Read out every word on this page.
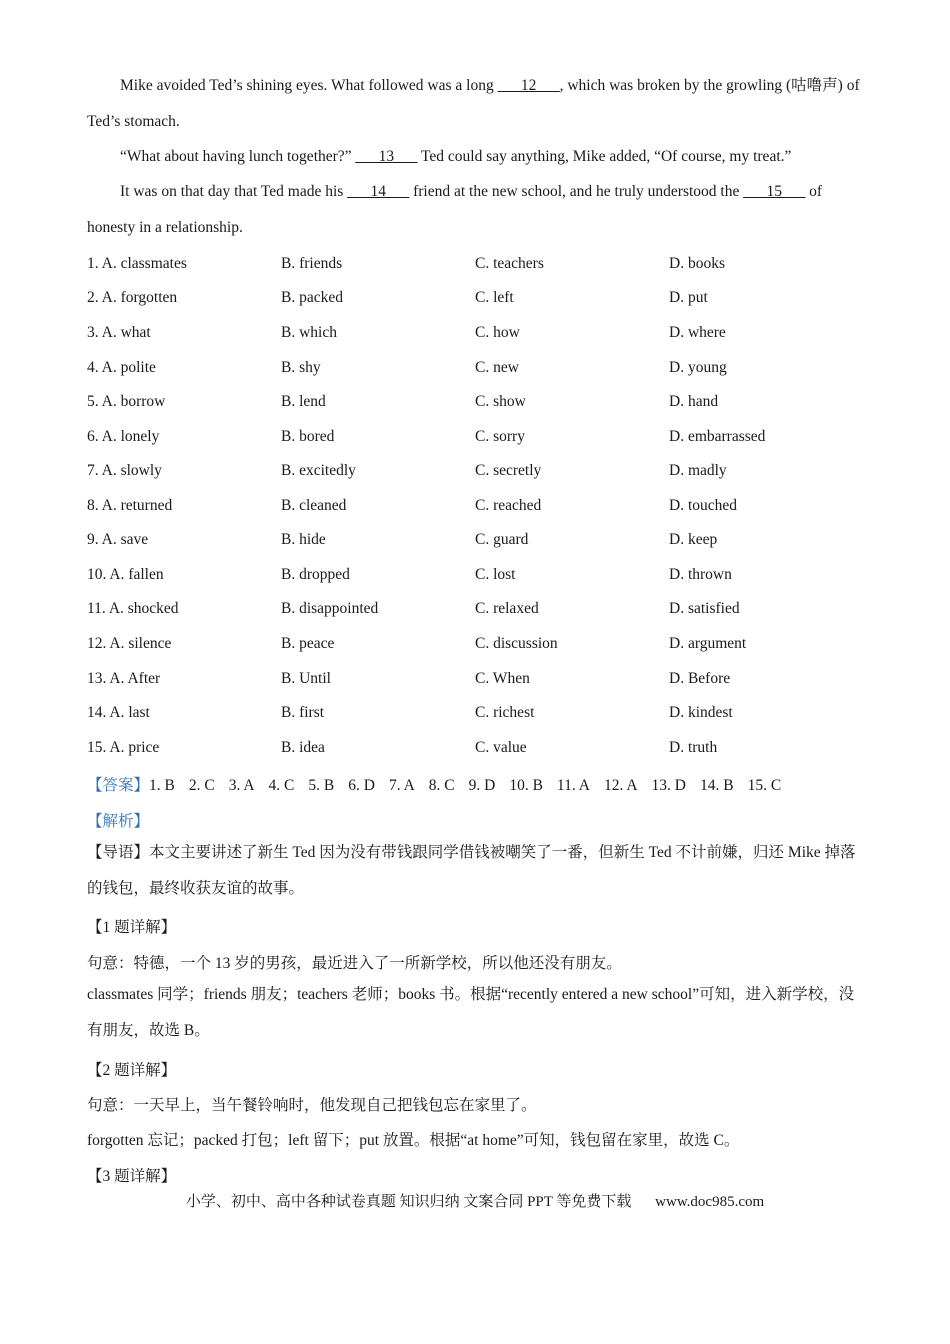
Mike avoided Ted’s shining eyes. What followed was a long ___12___, which was broken by the growling (咕噜声) of Ted’s stomach.

“What about having lunch together?” ___13___ Ted could say anything, Mike added, “Of course, my treat.”

It was on that day that Ted made his ___14___ friend at the new school, and he truly understood the ___15___ of honesty in a relationship.

1. A. classmates	B. friends	C. teachers	D. books
2. A. forgotten	B. packed	C. left	D. put
3. A. what	B. which	C. how	D. where
4. A. polite	B. shy	C. new	D. young
5. A. borrow	B. lend	C. show	D. hand
6. A. lonely	B. bored	C. sorry	D. embarrassed
7. A. slowly	B. excitedly	C. secretly	D. madly
8. A. returned	B. cleaned	C. reached	D. touched
9. A. save	B. hide	C. guard	D. keep
10. A. fallen	B. dropped	C. lost	D. thrown
11. A. shocked	B. disappointed	C. relaxed	D. satisfied
12. A. silence	B. peace	C. discussion	D. argument
13. A. After	B. Until	C. When	D. Before
14. A. last	B. first	C. richest	D. kindest
15. A. price	B. idea	C. value	D. truth

【答案】1. B 2. C 3. A 4. C 5. B 6. D 7. A 8. C 9. D 10. B 11. A 12. A 13. D 14. B 15. C

【解析】

【导语】本文主要讲述了新生 Ted 因为没有带钱跟同学借钱被嘲笑了一番，但新生 Ted 不计前嫌，归还 Mike 掉落的钱包，最终收获友谊的故事。

【1 题详解】

句意：特德，一个 13 岁的男孩，最近进入了一所新学校，所以他还没有朋友。

classmates 同学；friends 朋友；teachers 老师；books 书。根据“recently entered a new school”可知，进入新学校，没有朋友，故选 B。

【2 题详解】

句意：一天早上，当午餐铃响时，他发现自己把钱包忘在家里了。

forgotten 忘记；packed 打包；left 留下；put 放置。根据“at home”可知，钱包留在家里，故选 C。

【3 题详解】

小学、初中、高中各种试卷真题 知识归纳 文案合同 PPT 等免费下载 www.doc985.com
